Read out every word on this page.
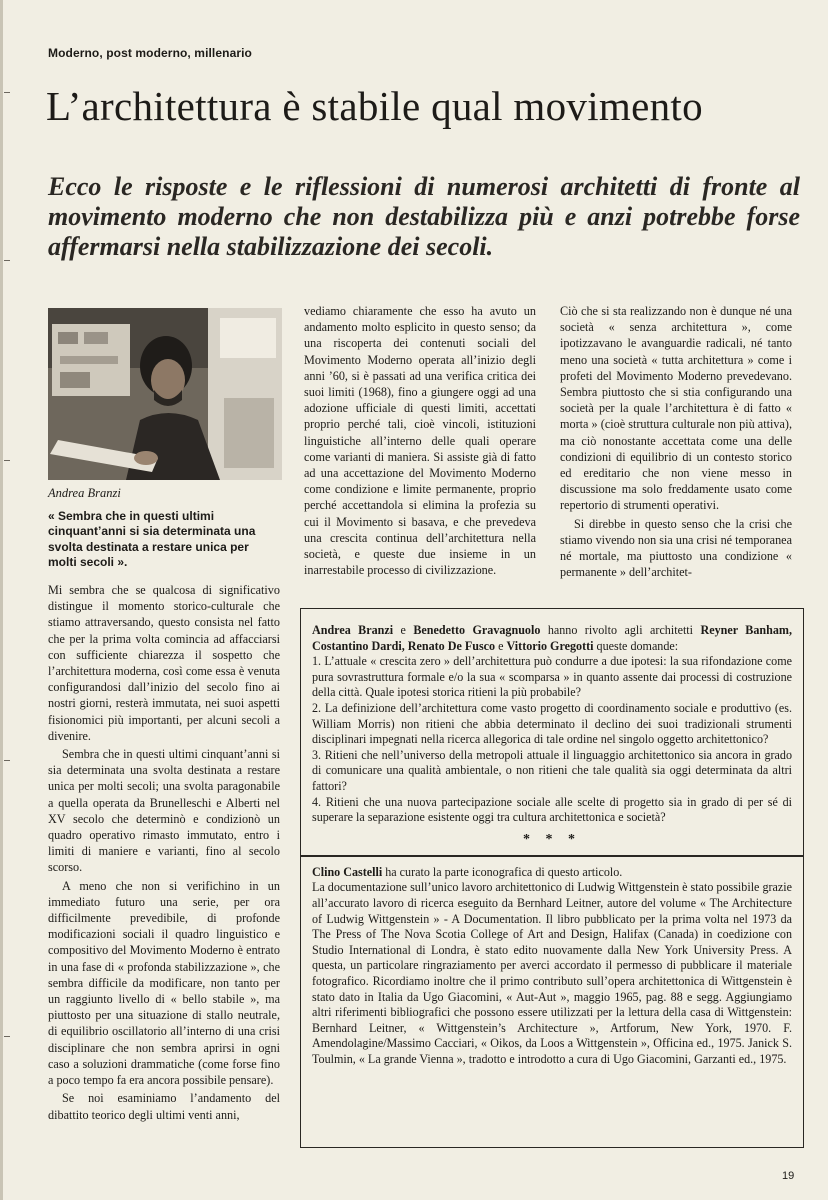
Moderno, post moderno, millenario
L’architettura è stabile qual movimento
Ecco le risposte e le riflessioni di numerosi architetti di fronte al movimento moderno che non destabilizza più e anzi potrebbe forse affermarsi nella stabilizzazione dei secoli.
Andrea Branzi

« Sembra che in questi ultimi cinquant’anni si sia determinata una svolta destinata a restare unica per molti secoli ».

Mi sembra che se qualcosa di significativo distingue il momento storico-culturale che stiamo attraversando, questo consista nel fatto che per la prima volta comincia ad affacciarsi con sufficiente chiarezza il sospetto che l’architettura moderna, così come essa è venuta configurandosi dall’inizio del secolo fino ai nostri giorni, resterà immutata, nei suoi aspetti fisionomici più importanti, per alcuni secoli a divenire.

Sembra che in questi ultimi cinquant’anni si sia determinata una svolta destinata a restare unica per molti secoli; una svolta paragonabile a quella operata da Brunelleschi e Alberti nel XV secolo che determinò e condizionò un quadro operativo rimasto immutato, entro i limiti di maniere e varianti, fino al secolo scorso.

A meno che non si verifichino in un immediato futuro una serie, per ora difficilmente prevedibile, di profonde modificazioni sociali il quadro linguistico e compositivo del Movimento Moderno è entrato in una fase di « profonda stabilizzazione », che sembra difficile da modificare, non tanto per un raggiunto livello di « bello stabile », ma piuttosto per una situazione di stallo neutrale, di equilibrio oscillatorio all’interno di una crisi disciplinare che non sembra aprirsi in ogni caso a soluzioni drammatiche (come forse fino a poco tempo fa era ancora possibile pensare).

Se noi esaminiamo l’andamento del dibattito teorico degli ultimi venti anni,

vediamo chiaramente che esso ha avuto un andamento molto esplicito in questo senso; da una riscoperta dei contenuti sociali del Movimento Moderno operata all’inizio degli anni ’60, si è passati ad una verifica critica dei suoi limiti (1968), fino a giungere oggi ad una adozione ufficiale di questi limiti, accettati proprio perché tali, cioè vincoli, istituzioni linguistiche all’interno delle quali operare come varianti di maniera. Si assiste già di fatto ad una accettazione del Movimento Moderno come condizione e limite permanente, proprio perché accettandola si elimina la profezia su cui il Movimento si basava, e che prevedeva una crescita continua dell’architettura nella società, e queste due insieme in un inarrestabile processo di civilizzazione.

Ciò che si sta realizzando non è dunque né una società « senza architettura », come ipotizzavano le avanguardie radicali, né tanto meno una società « tutta architettura » come i profeti del Movimento Moderno prevedevano. Sembra piuttosto che si stia configurando una società per la quale l’architettura è di fatto « morta » (cioè struttura culturale non più attiva), ma ciò nonostante accettata come una delle condizioni di equilibrio di un contesto storico ed ereditario che non viene messo in discussione ma solo freddamente usato come repertorio di strumenti operativi.

Si direbbe in questo senso che la crisi che stiamo vivendo non sia una crisi né temporanea né mortale, ma piuttosto una condizione « permanente » dell’architet-

Andrea Branzi e Benedetto Gravagnuolo hanno rivolto agli architetti Reyner Banham, Costantino Dardi, Renato De Fusco e Vittorio Gregotti queste domande:

1. L’attuale « crescita zero » dell’architettura può condurre a due ipotesi: la sua rifondazione come pura sovrastruttura formale e/o la sua « scomparsa » in quanto assente dai processi di costruzione della città. Quale ipotesi storica ritieni la più probabile?

2. La definizione dell’architettura come vasto progetto di coordinamento sociale e produttivo (es. William Morris) non ritieni che abbia determinato il declino dei suoi tradizionali strumenti disciplinari impegnati nella ricerca allegorica di tale ordine nel singolo oggetto architettonico?

3. Ritieni che nell’universo della metropoli attuale il linguaggio architettonico sia ancora in grado di comunicare una qualità ambientale, o non ritieni che tale qualità sia oggi determinata da altri fattori?

4. Ritieni che una nuova partecipazione sociale alle scelte di progetto sia in grado di per sé di superare la separazione esistente oggi tra cultura architettonica e società?

* * *

Clino Castelli ha curato la parte iconografica di questo articolo.

La documentazione sull’unico lavoro architettonico di Ludwig Wittgenstein è stato possibile grazie all’accurato lavoro di ricerca eseguito da Bernhard Leitner, autore del volume « The Architecture of Ludwig Wittgenstein » - A Documentation. Il libro pubblicato per la prima volta nel 1973 da The Press of The Nova Scotia College of Art and Design, Halifax (Canada) in coedizione con Studio International di Londra, è stato edito nuovamente dalla New York University Press. A questa, un particolare ringraziamento per averci accordato il permesso di pubblicare il materiale fotografico. Ricordiamo inoltre che il primo contributo sull’opera architettonica di Wittgenstein è stato dato in Italia da Ugo Giacomini, « Aut-Aut », maggio 1965, pag. 88 e segg. Aggiungiamo altri riferimenti bibliografici che possono essere utilizzati per la lettura della casa di Wittgenstein: Bernhard Leitner, « Wittgenstein’s Architecture », Artforum, New York, 1970. F. Amendolagine/Massimo Cacciari, « Oikos, da Loos a Wittgenstein », Officina ed., 1975. Janick S. Toulmin, « La grande Vienna », tradotto e introdotto a cura di Ugo Giacomini, Garzanti ed., 1975.

19
